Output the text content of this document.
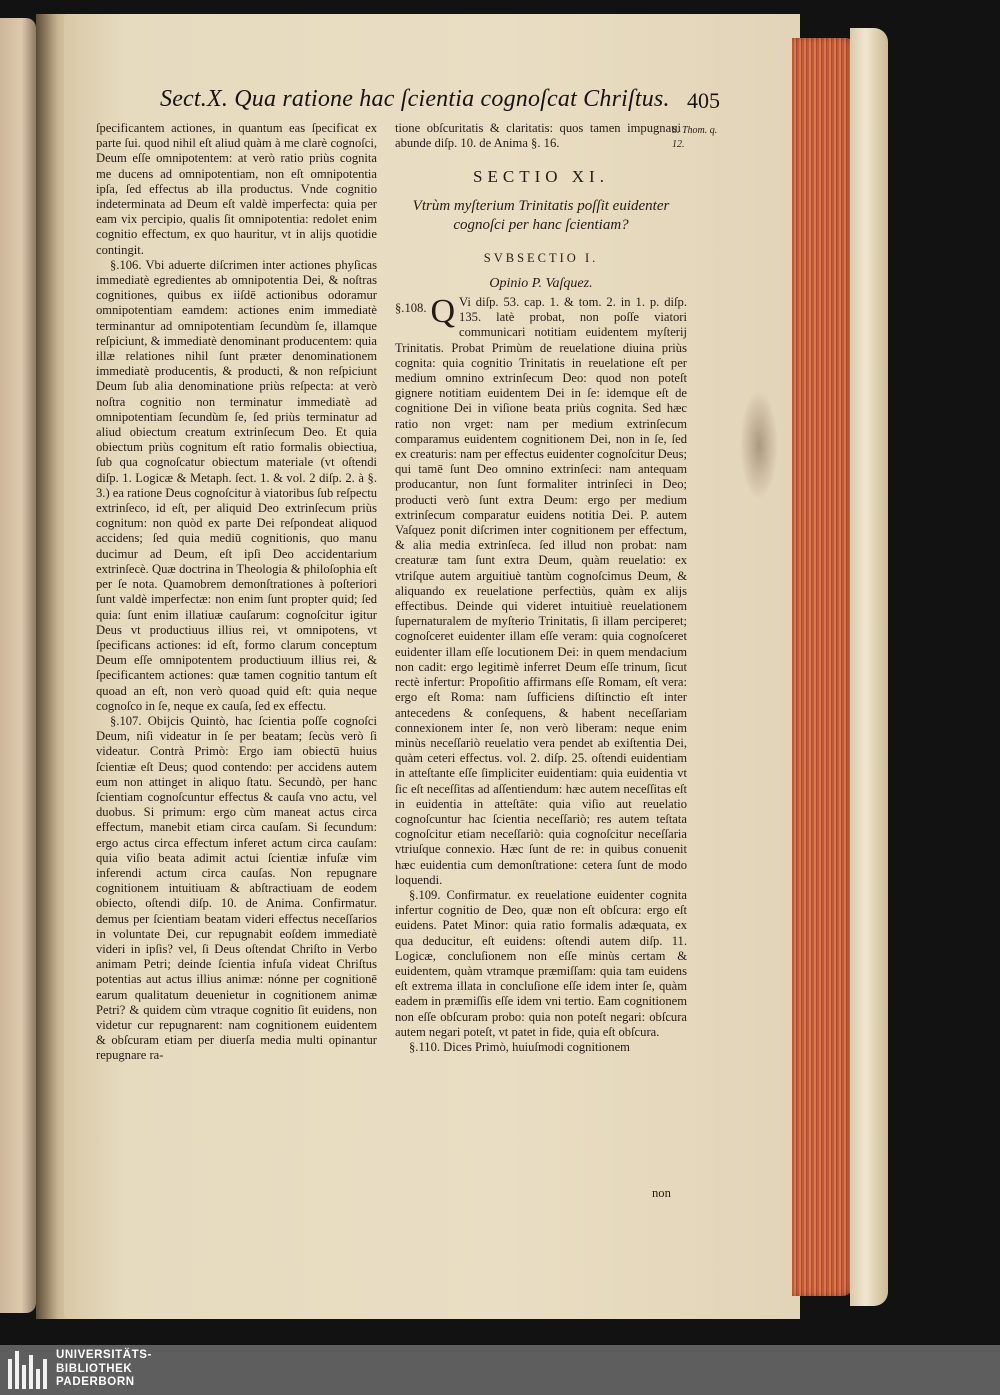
Sect.X. Qua ratione hac ſcientia cognoſcat Chriſtus. 405

ſpecificantem actiones, in quantum eas ſpecificat ex parte ſui. quod nihil eſt aliud quàm à me clarè cognoſci, Deum eſſe omnipotentem: at verò ratio priùs cognita me ducens ad omnipotentiam, non eſt omnipotentia ipſa, ſed effectus ab illa productus. Vnde cognitio indeterminata ad Deum eſt valdè imperfecta: quia per eam vix percipio, qualis ſit omnipotentia: redolet enim cognitio effectum, ex quo hauritur, vt in alijs quotidie contingit.

§.106. Vbi aduerte diſcrimen inter actiones phyſicas immediatè egredientes ab omnipotentia Dei, & noſtras cognitiones, quibus ex iiſdē actionibus odoramur omnipotentiam eamdem: actiones enim immediatè terminantur ad omnipotentiam ſecundùm ſe, illamque reſpiciunt, & immediatè denominant producentem: quia illæ relationes nihil ſunt præter denominationem immediatè producentis, & producti, & non reſpiciunt Deum ſub alia denominatione priùs reſpecta: at verò noſtra cognitio non terminatur immediatè ad omnipotentiam ſecundùm ſe, ſed priùs terminatur ad aliud obiectum creatum extrinſecum Deo. Et quia obiectum priùs cognitum eſt ratio formalis obiectiua, ſub qua cognoſcatur obiectum materiale (vt oſtendi diſp. 1. Logicæ & Metaph. ſect. 1. & vol. 2 diſp. 2. à §. 3.) ea ratione Deus cognoſcitur à viatoribus ſub reſpectu extrinſeco, id eſt, per aliquid Deo extrinſecum priùs cognitum: non quòd ex parte Dei reſpondeat aliquod accidens; ſed quia mediū cognitionis, quo manu ducimur ad Deum, eſt ipſi Deo accidentarium extrinſecè. Quæ doctrina in Theologia & philoſophia eſt per ſe nota. Quamobrem demonſtrationes à poſteriori ſunt valdè imperfectæ: non enim ſunt propter quid; ſed quia: ſunt enim illatiuæ cauſarum: cognoſcitur igitur Deus vt productiuus illius rei, vt omnipotens, vt ſpecificans actiones: id eſt, formo clarum conceptum Deum eſſe omnipotentem productiuum illius rei, & ſpecificantem actiones: quæ tamen cognitio tantum eſt quoad an eſt, non verò quoad quid eſt: quia neque cognoſco in ſe, neque ex cauſa, ſed ex effectu.

§.107. Obijcis Quintò, hac ſcientia poſſe cognoſci Deum, niſi videatur in ſe per beatam; ſecùs verò ſi videatur. Contrà Primò: Ergo iam obiectū huius ſcientiæ eſt Deus; quod contendo: per accidens autem eum non attinget in aliquo ſtatu. Secundò, per hanc ſcientiam cognoſcuntur effectus & cauſa vno actu, vel duobus. Si primum: ergo cùm maneat actus circa effectum, manebit etiam circa cauſam. Si ſecundum: ergo actus circa effectum inferet actum circa cauſam: quia viſio beata adimit actui ſcientiæ infuſæ vim inferendi actum circa cauſas. Non repugnare cognitionem intuitiuam & abſtractiuam de eodem obiecto, oſtendi diſp. 10. de Anima. Confirmatur. demus per ſcientiam beatam videri effectus neceſſarios in voluntate Dei, cur repugnabit eoſdem immediatè videri in ipſis? vel, ſi Deus oſtendat Chriſto in Verbo animam Petri; deinde ſcientia infuſa videat Chriſtus potentias aut actus illius animæ: nónne per cognitionē earum qualitatum deuenietur in cognitionem animæ Petri? & quidem cùm vtraque cognitio ſit euidens, non videtur cur repugnarent: nam cognitionem euidentem & obſcuram etiam per diuerſa media multi opinantur repugnare ra-

S. Thom. q. 12.

tione obſcuritatis & claritatis: quos tamen impugnaui abunde diſp. 10. de Anima §. 16.

SECTIO XI.
Vtrùm myſterium Trinitatis poſſit euidenter cognoſci per hanc ſcientiam?
SVBSECTIO I.
Opinio P. Vaſquez.

§.108. Q Vi diſp. 53. cap. 1. & tom. 2. in 1. p. diſp. 135. latè probat, non poſſe viatori communicari notitiam euidentem myſterij Trinitatis. Probat Primùm de reuelatione diuina priùs cognita: quia cognitio Trinitatis in reuelatione eſt per medium omnino extrinſecum Deo: quod non poteſt gignere notitiam euidentem Dei in ſe: idemque eſt de cognitione Dei in viſione beata priùs cognita. Sed hæc ratio non vrget: nam per medium extrinſecum comparamus euidentem cognitionem Dei, non in ſe, ſed ex creaturis: nam per effectus euidenter cognoſcitur Deus; qui tamē ſunt Deo omnino extrinſeci: nam antequam producantur, non ſunt formaliter intrinſeci in Deo; producti verò ſunt extra Deum: ergo per medium extrinſecum comparatur euidens notitia Dei. P. autem Vaſquez ponit diſcrimen inter cognitionem per effectum, & alia media extrinſeca. ſed illud non probat: nam creaturæ tam ſunt extra Deum, quàm reuelatio: ex vtriſque autem arguitiuè tantùm cognoſcimus Deum, & aliquando ex reuelatione perfectiùs, quàm ex alijs effectibus. Deinde qui videret intuitiuè reuelationem ſupernaturalem de myſterio Trinitatis, ſi illam perciperet; cognoſceret euidenter illam eſſe veram: quia cognoſceret euidenter illam eſſe locutionem Dei: in quem mendacium non cadit: ergo legitimè inferret Deum eſſe trinum, ſicut rectè infertur: Propoſitio affirmans eſſe Romam, eſt vera: ergo eſt Roma: nam ſufficiens diſtinctio eſt inter antecedens & conſequens, & habent neceſſariam connexionem inter ſe, non verò liberam: neque enim minùs neceſſariò reuelatio vera pendet ab exiſtentia Dei, quàm ceteri effectus. vol. 2. diſp. 25. oſtendi euidentiam in atteſtante eſſe ſimpliciter euidentiam: quia euidentia vt ſic eſt neceſſitas ad aſſentiendum: hæc autem neceſſitas eſt in euidentia in atteſtāte: quia viſio aut reuelatio cognoſcuntur hac ſcientia neceſſariò; res autem teſtata cognoſcitur etiam neceſſariò: quia cognoſcitur neceſſaria vtriuſque connexio. Hæc ſunt de re: in quibus conuenit hæc euidentia cum demonſtratione: cetera ſunt de modo loquendi.

§.109. Confirmatur. ex reuelatione euidenter cognita infertur cognitio de Deo, quæ non eſt obſcura: ergo eſt euidens. Patet Minor: quia ratio formalis adæquata, ex qua deducitur, eſt euidens: oſtendi autem diſp. 11. Logicæ, concluſionem non eſſe minùs certam & euidentem, quàm vtramque præmiſſam: quia tam euidens eſt extrema illata in concluſione eſſe idem inter ſe, quàm eadem in præmiſſis eſſe idem vni tertio. Eam cognitionem non eſſe obſcuram probo: quia non poteſt negari: obſcura autem negari poteſt, vt patet in fide, quia eſt obſcura.

§.110. Dices Primò, huiuſmodi cognitionem

non
UNIVERSITÄTS-
BIBLIOTHEK
PADERBORN
